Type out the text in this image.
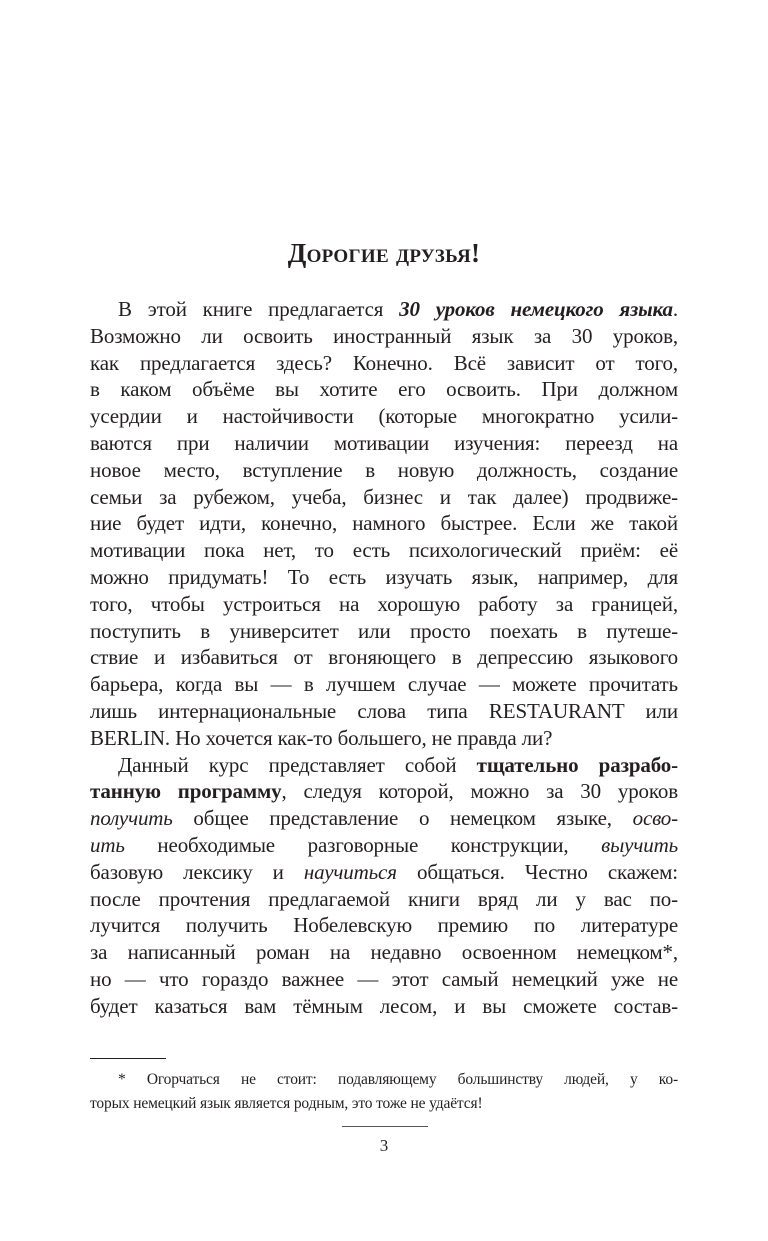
Дорогие друзья!
В этой книге предлагается 30 уроков немецкого языка.
Возможно ли освоить иностранный язык за 30 уроков,
как предлагается здесь? Конечно. Всё зависит от того,
в каком объёме вы хотите его освоить. При должном
усердии и настойчивости (которые многократно усили-
ваются при наличии мотивации изучения: переезд на
новое место, вступление в новую должность, создание
семьи за рубежом, учеба, бизнес и так далее) продвиже-
ние будет идти, конечно, намного быстрее. Если же такой
мотивации пока нет, то есть психологический приём: её
можно придумать! То есть изучать язык, например, для
того, чтобы устроиться на хорошую работу за границей,
поступить в университет или просто поехать в путеше-
ствие и избавиться от вгоняющего в депрессию языкового
барьера, когда вы — в лучшем случае — можете прочитать
лишь интернациональные слова типа RESTAURANT или
BERLIN. Но хочется как-то большего, не правда ли?
Данный курс представляет собой тщательно разрабо-
танную программу, следуя которой, можно за 30 уроков
получить общее представление о немецком языке, осво-
ить необходимые разговорные конструкции, выучить
базовую лексику и научиться общаться. Честно скажем:
после прочтения предлагаемой книги вряд ли у вас по-
лучится получить Нобелевскую премию по литературе
за написанный роман на недавно освоенном немецком*,
но — что гораздо важнее — этот самый немецкий уже не
будет казаться вам тёмным лесом, и вы сможете состав-
* Огорчаться не стоит: подавляющему большинству людей, у ко-
торых немецкий язык является родным, это тоже не удаётся!
3
